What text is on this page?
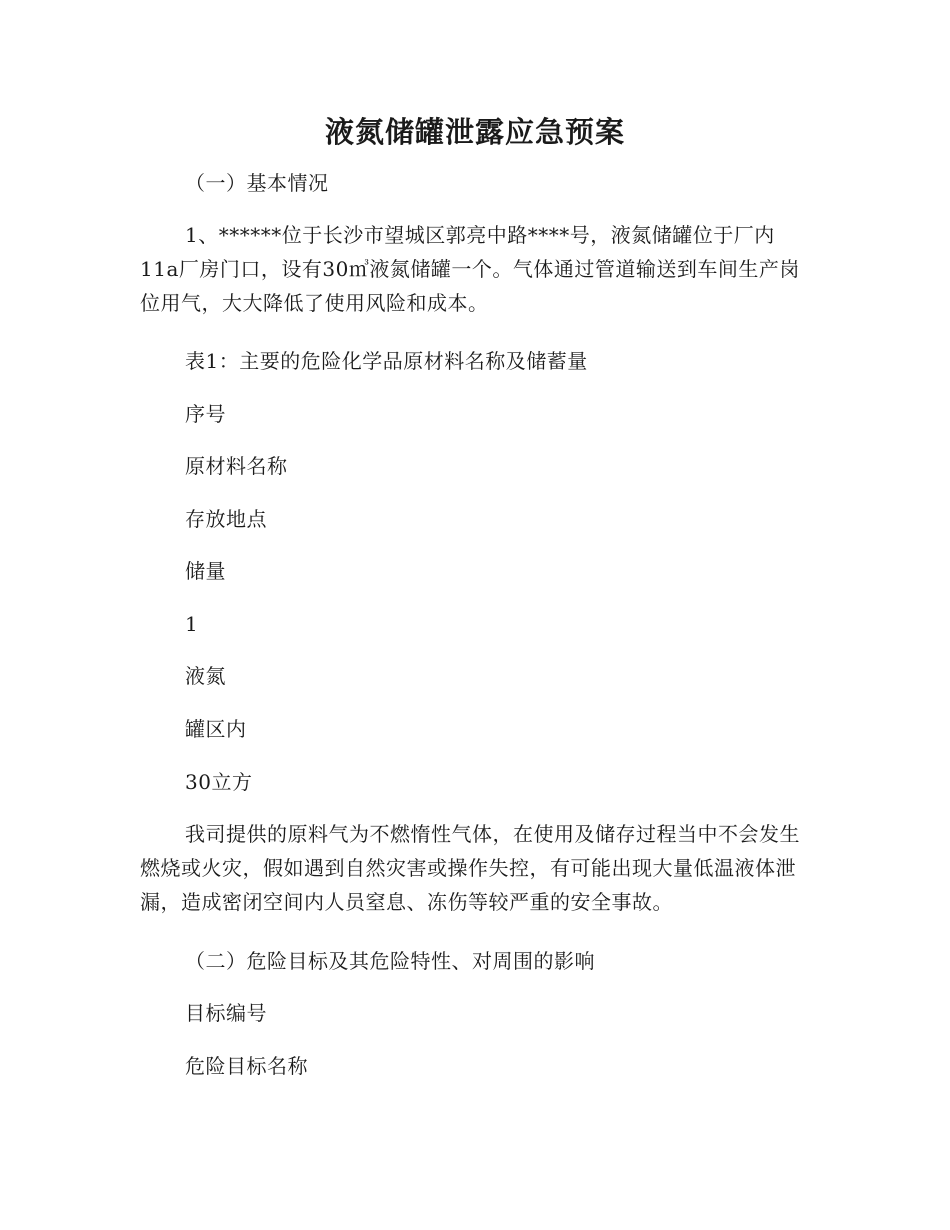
液氮储罐泄露应急预案
（一）基本情况
1、******位于长沙市望城区郭亮中路****号，液氮储罐位于厂内11a厂房门口，设有30㎥液氮储罐一个。气体通过管道输送到车间生产岗位用气，大大降低了使用风险和成本。
表1：主要的危险化学品原材料名称及储蓄量
序号
原材料名称
存放地点
储量
1
液氮
罐区内
30立方
我司提供的原料气为不燃惰性气体，在使用及储存过程当中不会发生燃烧或火灾，假如遇到自然灾害或操作失控，有可能出现大量低温液体泄漏，造成密闭空间内人员窒息、冻伤等较严重的安全事故。
（二）危险目标及其危险特性、对周围的影响
目标编号
危险目标名称
